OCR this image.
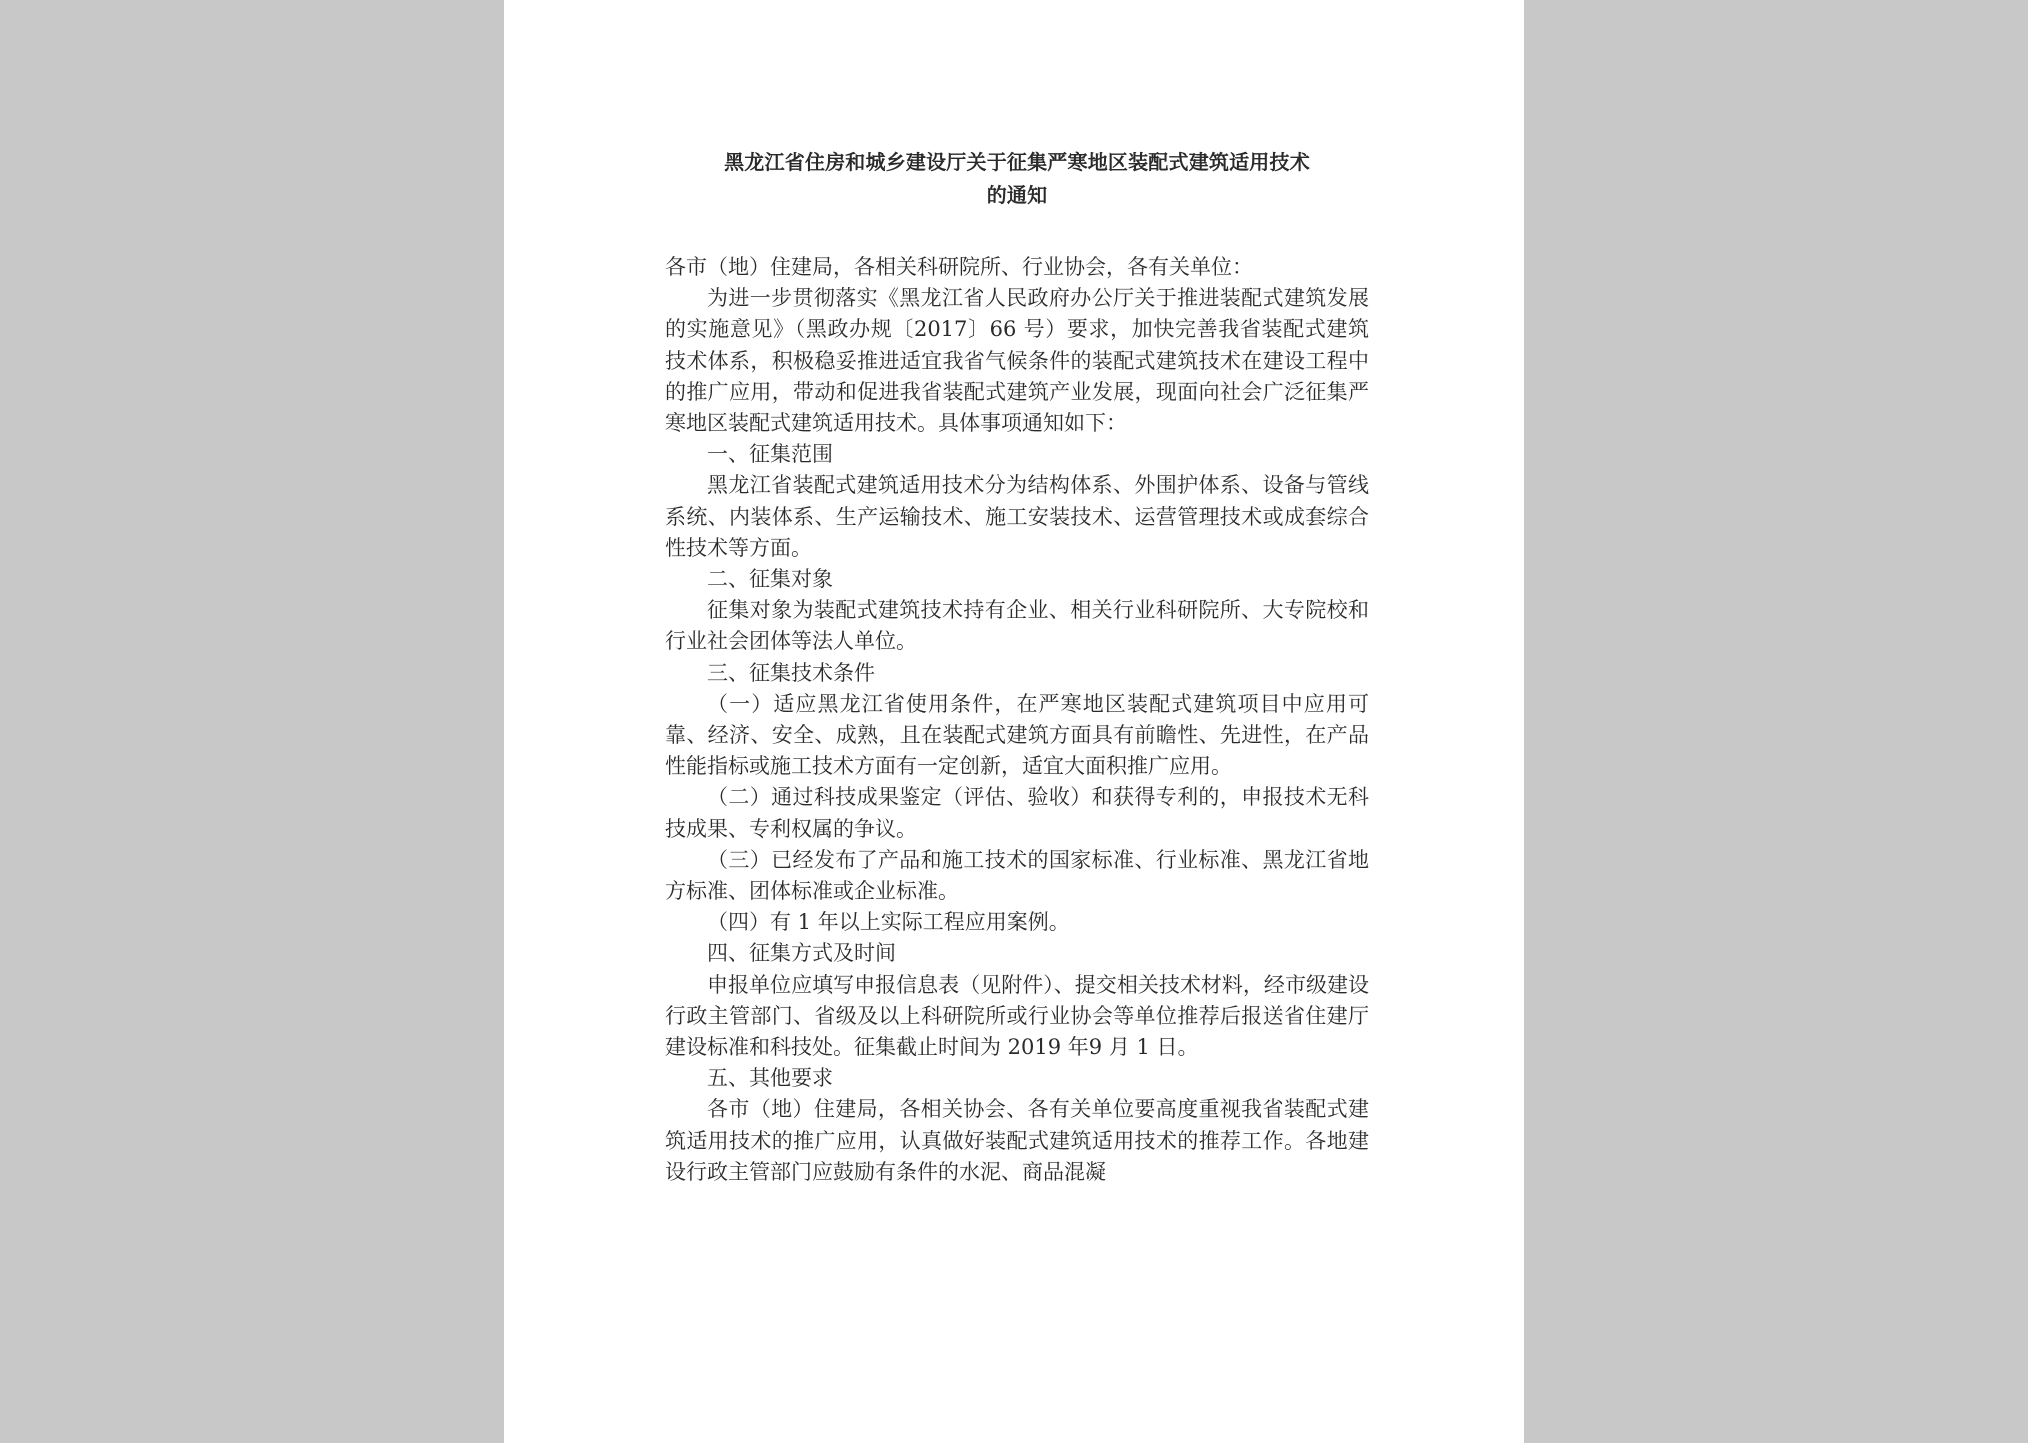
黑龙江省住房和城乡建设厅关于征集严寒地区装配式建筑适用技术
的通知

各市（地）住建局，各相关科研院所、行业协会，各有关单位：

为进一步贯彻落实《黑龙江省人民政府办公厅关于推进装配式建筑发展的实施意见》（黑政办规〔2017〕66 号）要求，加快完善我省装配式建筑技术体系，积极稳妥推进适宜我省气候条件的装配式建筑技术在建设工程中的推广应用，带动和促进我省装配式建筑产业发展，现面向社会广泛征集严寒地区装配式建筑适用技术。具体事项通知如下：

一、征集范围

黑龙江省装配式建筑适用技术分为结构体系、外围护体系、设备与管线系统、内装体系、生产运输技术、施工安装技术、运营管理技术或成套综合性技术等方面。

二、征集对象

征集对象为装配式建筑技术持有企业、相关行业科研院所、大专院校和行业社会团体等法人单位。

三、征集技术条件

（一）适应黑龙江省使用条件，在严寒地区装配式建筑项目中应用可靠、经济、安全、成熟，且在装配式建筑方面具有前瞻性、先进性，在产品性能指标或施工技术方面有一定创新，适宜大面积推广应用。

（二）通过科技成果鉴定（评估、验收）和获得专利的，申报技术无科技成果、专利权属的争议。

（三）已经发布了产品和施工技术的国家标准、行业标准、黑龙江省地方标准、团体标准或企业标准。

（四）有 1 年以上实际工程应用案例。

四、征集方式及时间

申报单位应填写申报信息表（见附件）、提交相关技术材料，经市级建设行政主管部门、省级及以上科研院所或行业协会等单位推荐后报送省住建厅建设标准和科技处。征集截止时间为 2019 年9 月 1 日。

五、其他要求

各市（地）住建局，各相关协会、各有关单位要高度重视我省装配式建筑适用技术的推广应用，认真做好装配式建筑适用技术的推荐工作。各地建设行政主管部门应鼓励有条件的水泥、商品混凝
